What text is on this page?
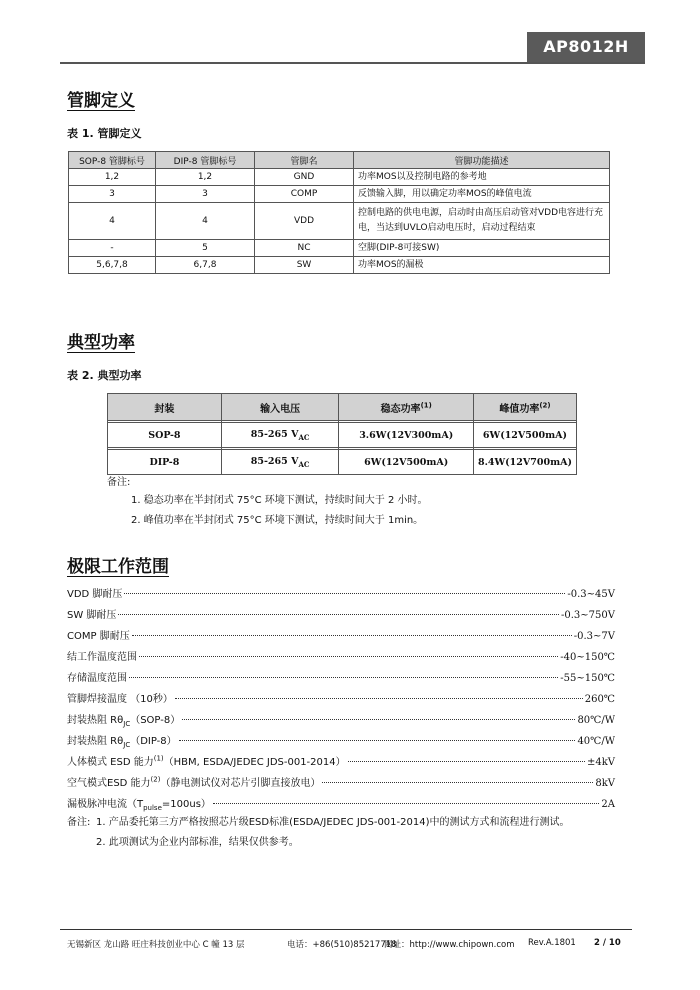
AP8012H
管脚定义

表 1. 管脚定义

SOP-8 管脚标号	DIP-8 管脚标号	管脚名	管脚功能描述
1,2	1,2	GND	功率MOS以及控制电路的参考地
3	3	COMP	反馈输入脚，用以确定功率MOS的峰值电流
4	4	VDD	控制电路的供电电源，启动时由高压启动管对VDD电容进行充电，当达到UVLO启动电压时，启动过程结束
-	5	NC	空脚(DIP-8可接SW)
5,6,7,8	6,7,8	SW	功率MOS的漏极
典型功率

表 2. 典型功率

封装	输入电压	稳态功率$^{(1)}$	峰值功率$^{(2)}$

SOP-8	85-265 $V_{AC}$	3.6W(12V300mA)	6W(12V500mA)

DIP-8	85-265 $V_{AC}$	6W(12V500mA)	8.4W(12V700mA)

备注:

1. 稳态功率在半封闭式 75°C 环境下测试，持续时间大于 2 小时。

2. 峰值功率在半封闭式 75°C 环境下测试，持续时间大于 1min。

极限工作范围
VDD 脚耐压	-0.3~45V
SW 脚耐压	-0.3~750V
COMP 脚耐压	-0.3~7V
结工作温度范围	-40~150℃
存储温度范围	-55~150℃
管脚焊接温度 （10秒）	260℃
封装热阻 $R\theta_{JC}(SOP-8)$	80℃/W
封装热阻 $R\theta_{JC}(DIP-8)$	40℃/W
人体模式 ESD 能力$^{(1)}$（HBM, ESDA/JEDEC JDS-001-2014）	±4kV
空气模式ESD 能力$^{(2)}$（静电测试仪对芯片引脚直接放电）	8kV
漏极脉冲电流$(T_{pulse}=100us)$	2A

备注: 1. 产品委托第三方严格按照芯片级ESD标准(ESDA/JEDEC JDS-001-2014)中的测试方式和流程进行测试。

2. 此项测试为企业内部标准，结果仅供参考。

无锡新区 龙山路 旺庄科技创业中心 C 幢 13 层	电话：+86(510)85217718

网址：http://www.chipown.com Rev.A.1801 2 / 10
